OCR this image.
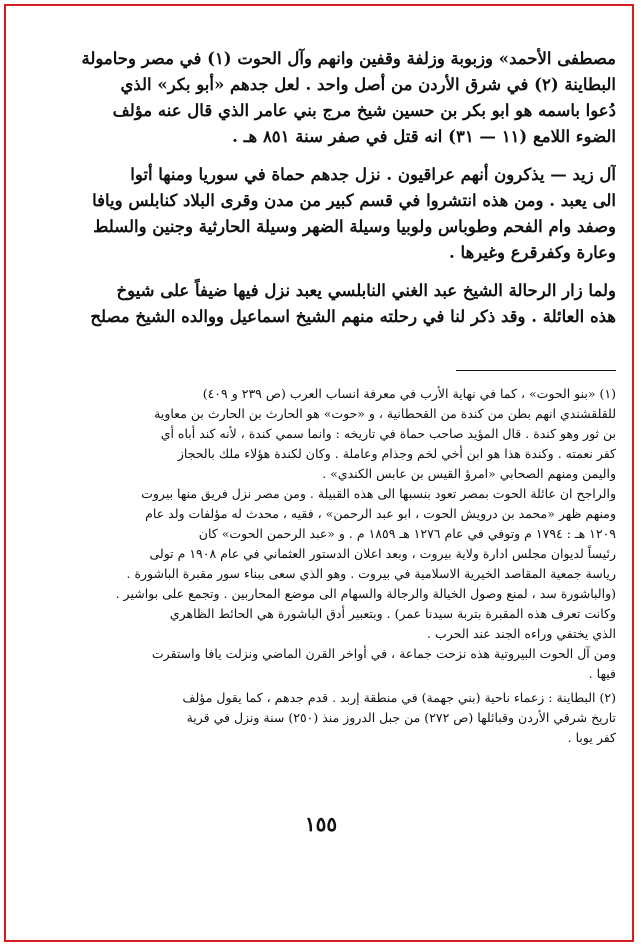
مصطفى الأحمد» وزبوبة وزلفة وقفين وانهم وآل الحوت (١) في مصر وحامولة
البطاينة (٢) في شرق الأردن من أصل واحد . لعل جدهم «أبو بكر» الذي
دُعوا باسمه هو ابو بكر بن حسين شيخ مرج بني عامر الذي قال عنه مؤلف
الضوء اللامع (١١ — ٣١) انه قتل في صفر سنة ٨٥١ هـ .

آل زيد — يذكرون أنهم عراقيون . نزل جدهم حماة في سوريا ومنها أتوا
الى يعبد . ومن هذه انتشروا في قسم كبير من مدن وقرى البلاد كنابلس ويافا
وصفد وام الفحم وطوباس ولوبيا وسيلة الضهر وسيلة الحارثية وجنين والسلط
وعارة وكفرقرع وغيرها .

ولما زار الرحالة الشيخ عبد الغني النابلسي يعبد نزل فيها ضيفاً على شيوخ
هذه العائلة . وقد ذكر لنا في رحلته منهم الشيخ اسماعيل ووالده الشيخ مصلح

(١) «بنو الحوت» ، كما في نهاية الأرب في معرفة انساب العرب (ص ٢٣٩ و ٤٠٩)
للقلقشندي انهم بطن من كندة من القحطانية ، و «حوت» هو الحارث بن الحارث بن معاوية
بن ثور وهو كندة . قال المؤيد صاحب حماة في تاريخه : وانما سمي كندة ، لأنه كند أباه أي
كفر نعمته . وكندة هذا هو ابن أخي لخم وجذام وعاملة . وكان لكندة هؤلاء ملك بالحجاز
واليمن ومنهم الصحابي «امرؤ القيس بن عابس الكندي» .
والراجح ان عائلة الحوت بمصر تعود بنسبها الى هذه القبيلة . ومن مصر نزل فريق منها بيروت
ومنهم ظهر «محمد بن درويش الحوت ، ابو عبد الرحمن» ، فقيه ، محدث له مؤلفات ولد عام
١٢٠٩ هـ : ١٧٩٤ م وتوفي في عام ١٢٧٦ هـ ١٨٥٩ م . و «عبد الرحمن الحوت» كان
رئيساً لديوان مجلس ادارة ولاية بيروت ، وبعد اعلان الدستور العثماني في عام ١٩٠٨ م تولى
رياسة جمعية المقاصد الخيرية الاسلامية في بيروت . وهو الذي سعى ببناء سور مقبرة الباشورة .
(والباشورة سد ، لمنع وصول الخيالة والرجالة والسهام الى موضع المحاربين . وتجمع على بواشير .
وكانت تعرف هذه المقبرة بتربة سيدنا عمر) . وبتعبير أدق الباشورة هي الحائط الظاهري
الذي يختفي وراءه الجند عند الحرب .
ومن آل الحوت البيروتية هذه نزحت جماعة ، في أواخر القرن الماضي ونزلت يافا واستقرت
فيها .
(٢) البطاينة : زعماء ناحية (بني جهمة) في منطقة إربد . قدم جدهم ، كما يقول مؤلف
تاريخ شرقي الأردن وقبائلها (ص ٢٧٢) من جبل الدروز منذ (٢٥٠) سنة ونزل في قرية
كفر يوبا .
١٥٥
